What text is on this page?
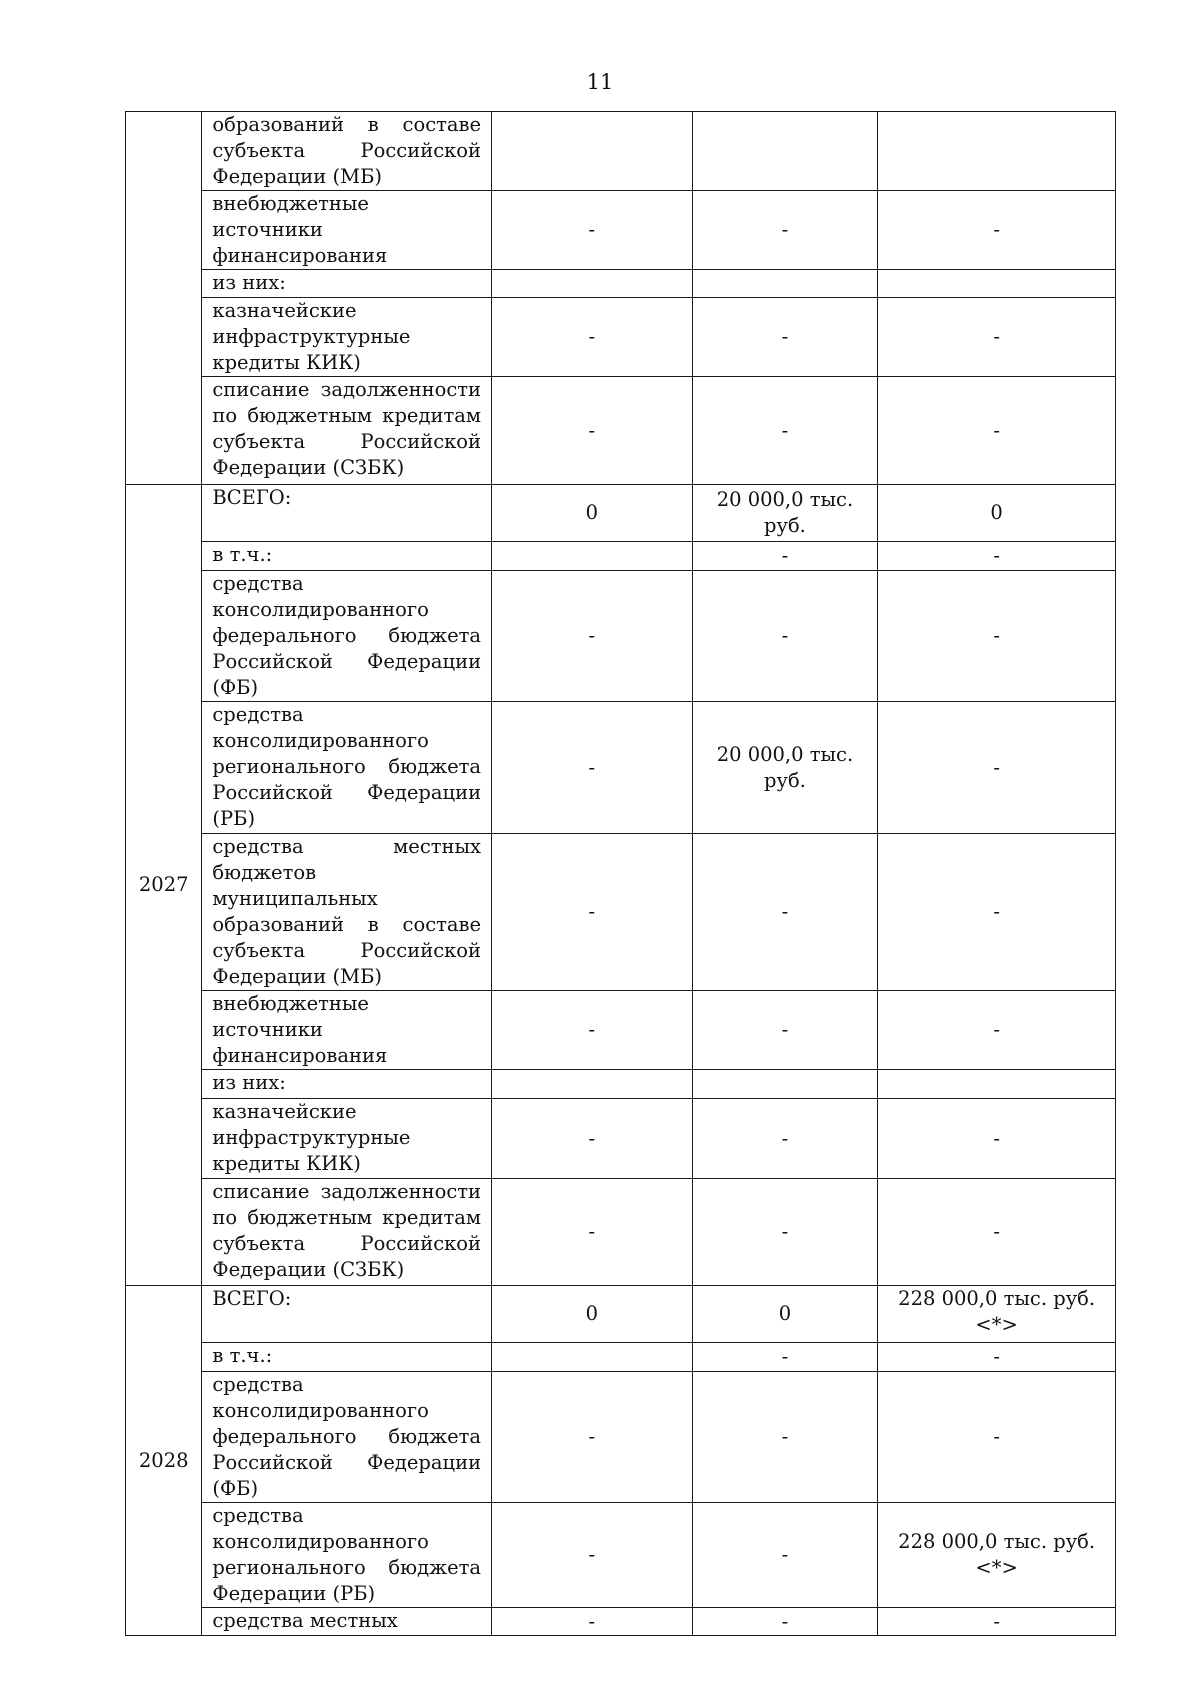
11
	образований в составе субъекта Российской Федерации (МБ)	

	внебюджетные источники финансирования	-	-	-

	из них:	

	казначейские инфраструктурные кредиты КИК)	-	-	-

	списание задолженности по бюджетным кредитам субъекта Российской Федерации (СЗБК)	-	-	-

2027	ВСЕГО:	0	20 000,0 тыс. руб.	0

	в т.ч.:		-	-

	средства консолидированного федерального бюджета Российской Федерации (ФБ)	-	-	-

	средства консолидированного регионального бюджета Российской Федерации (РБ)	-	20 000,0 тыс. руб.	-

	средства местных бюджетов муниципальных образований в составе субъекта Российской Федерации (МБ)	-	-	-

	внебюджетные источники финансирования	-	-	-

	из них:	

	казначейские инфраструктурные кредиты КИК)	-	-	-

	списание задолженности по бюджетным кредитам субъекта Российской Федерации (СЗБК)	-	-	-

2028	ВСЕГО:	0	0	228 000,0 тыс. руб. <*>

	в т.ч.:		-	-

	средства консолидированного федерального бюджета Российской Федерации (ФБ)	-	-	-

	средства консолидированного регионального бюджета Федерации (РБ)	-	-	228 000,0 тыс. руб. <*>

	средства местных	-	-	-
